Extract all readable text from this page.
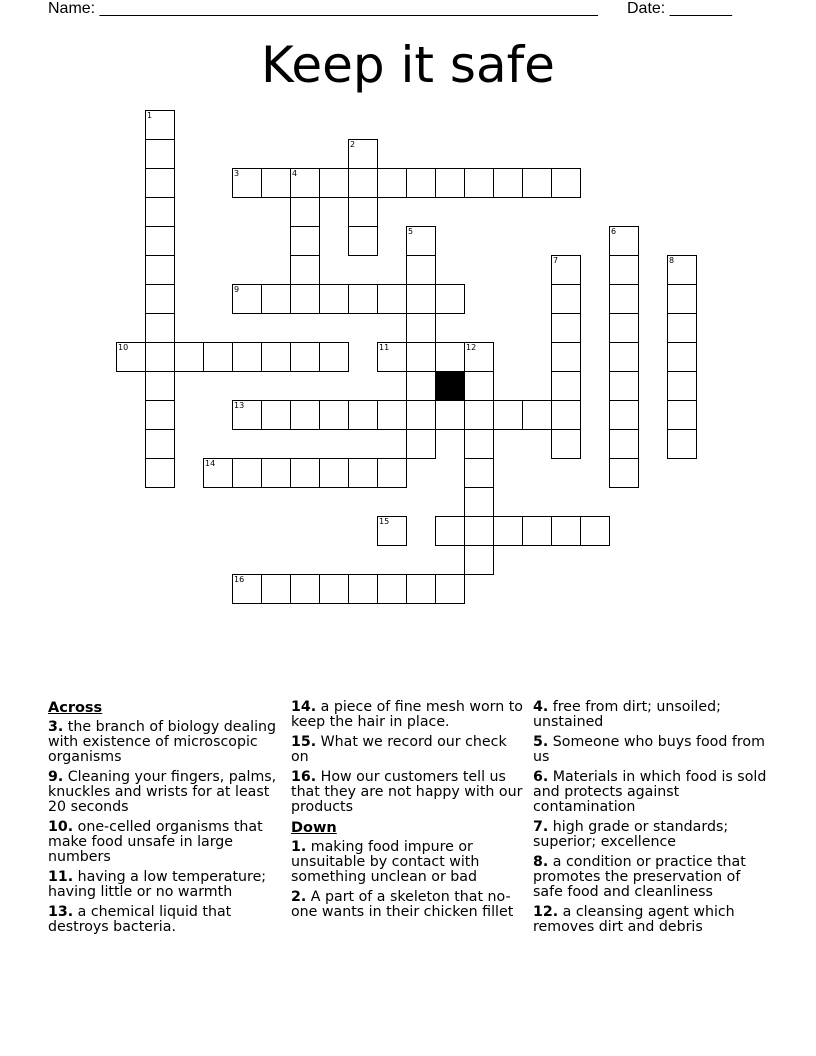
Name: ________________________________________________________ Date: _______
Keep it safe
1
2
3	4
5	6
7	8
9
10	11	12
13
14
15
16
Across
3. the branch of biology dealing with existence of microscopic organisms
9. Cleaning your fingers, palms, knuckles and wrists for at least 20 seconds
10. one-celled organisms that make food unsafe in large numbers
11. having a low temperature; having little or no warmth
13. a chemical liquid that destroys bacteria.
14. a piece of fine mesh worn to keep the hair in place.
15. What we record our check on
16. How our customers tell us that they are not happy with our products
Down
1. making food impure or unsuitable by contact with something unclean or bad
2. A part of a skeleton that no-one wants in their chicken fillet
4. free from dirt; unsoiled; unstained
5. Someone who buys food from us
6. Materials in which food is sold and protects against contamination
7. high grade or standards; superior; excellence
8. a condition or practice that promotes the preservation of safe food and cleanliness
12. a cleansing agent which removes dirt and debris
